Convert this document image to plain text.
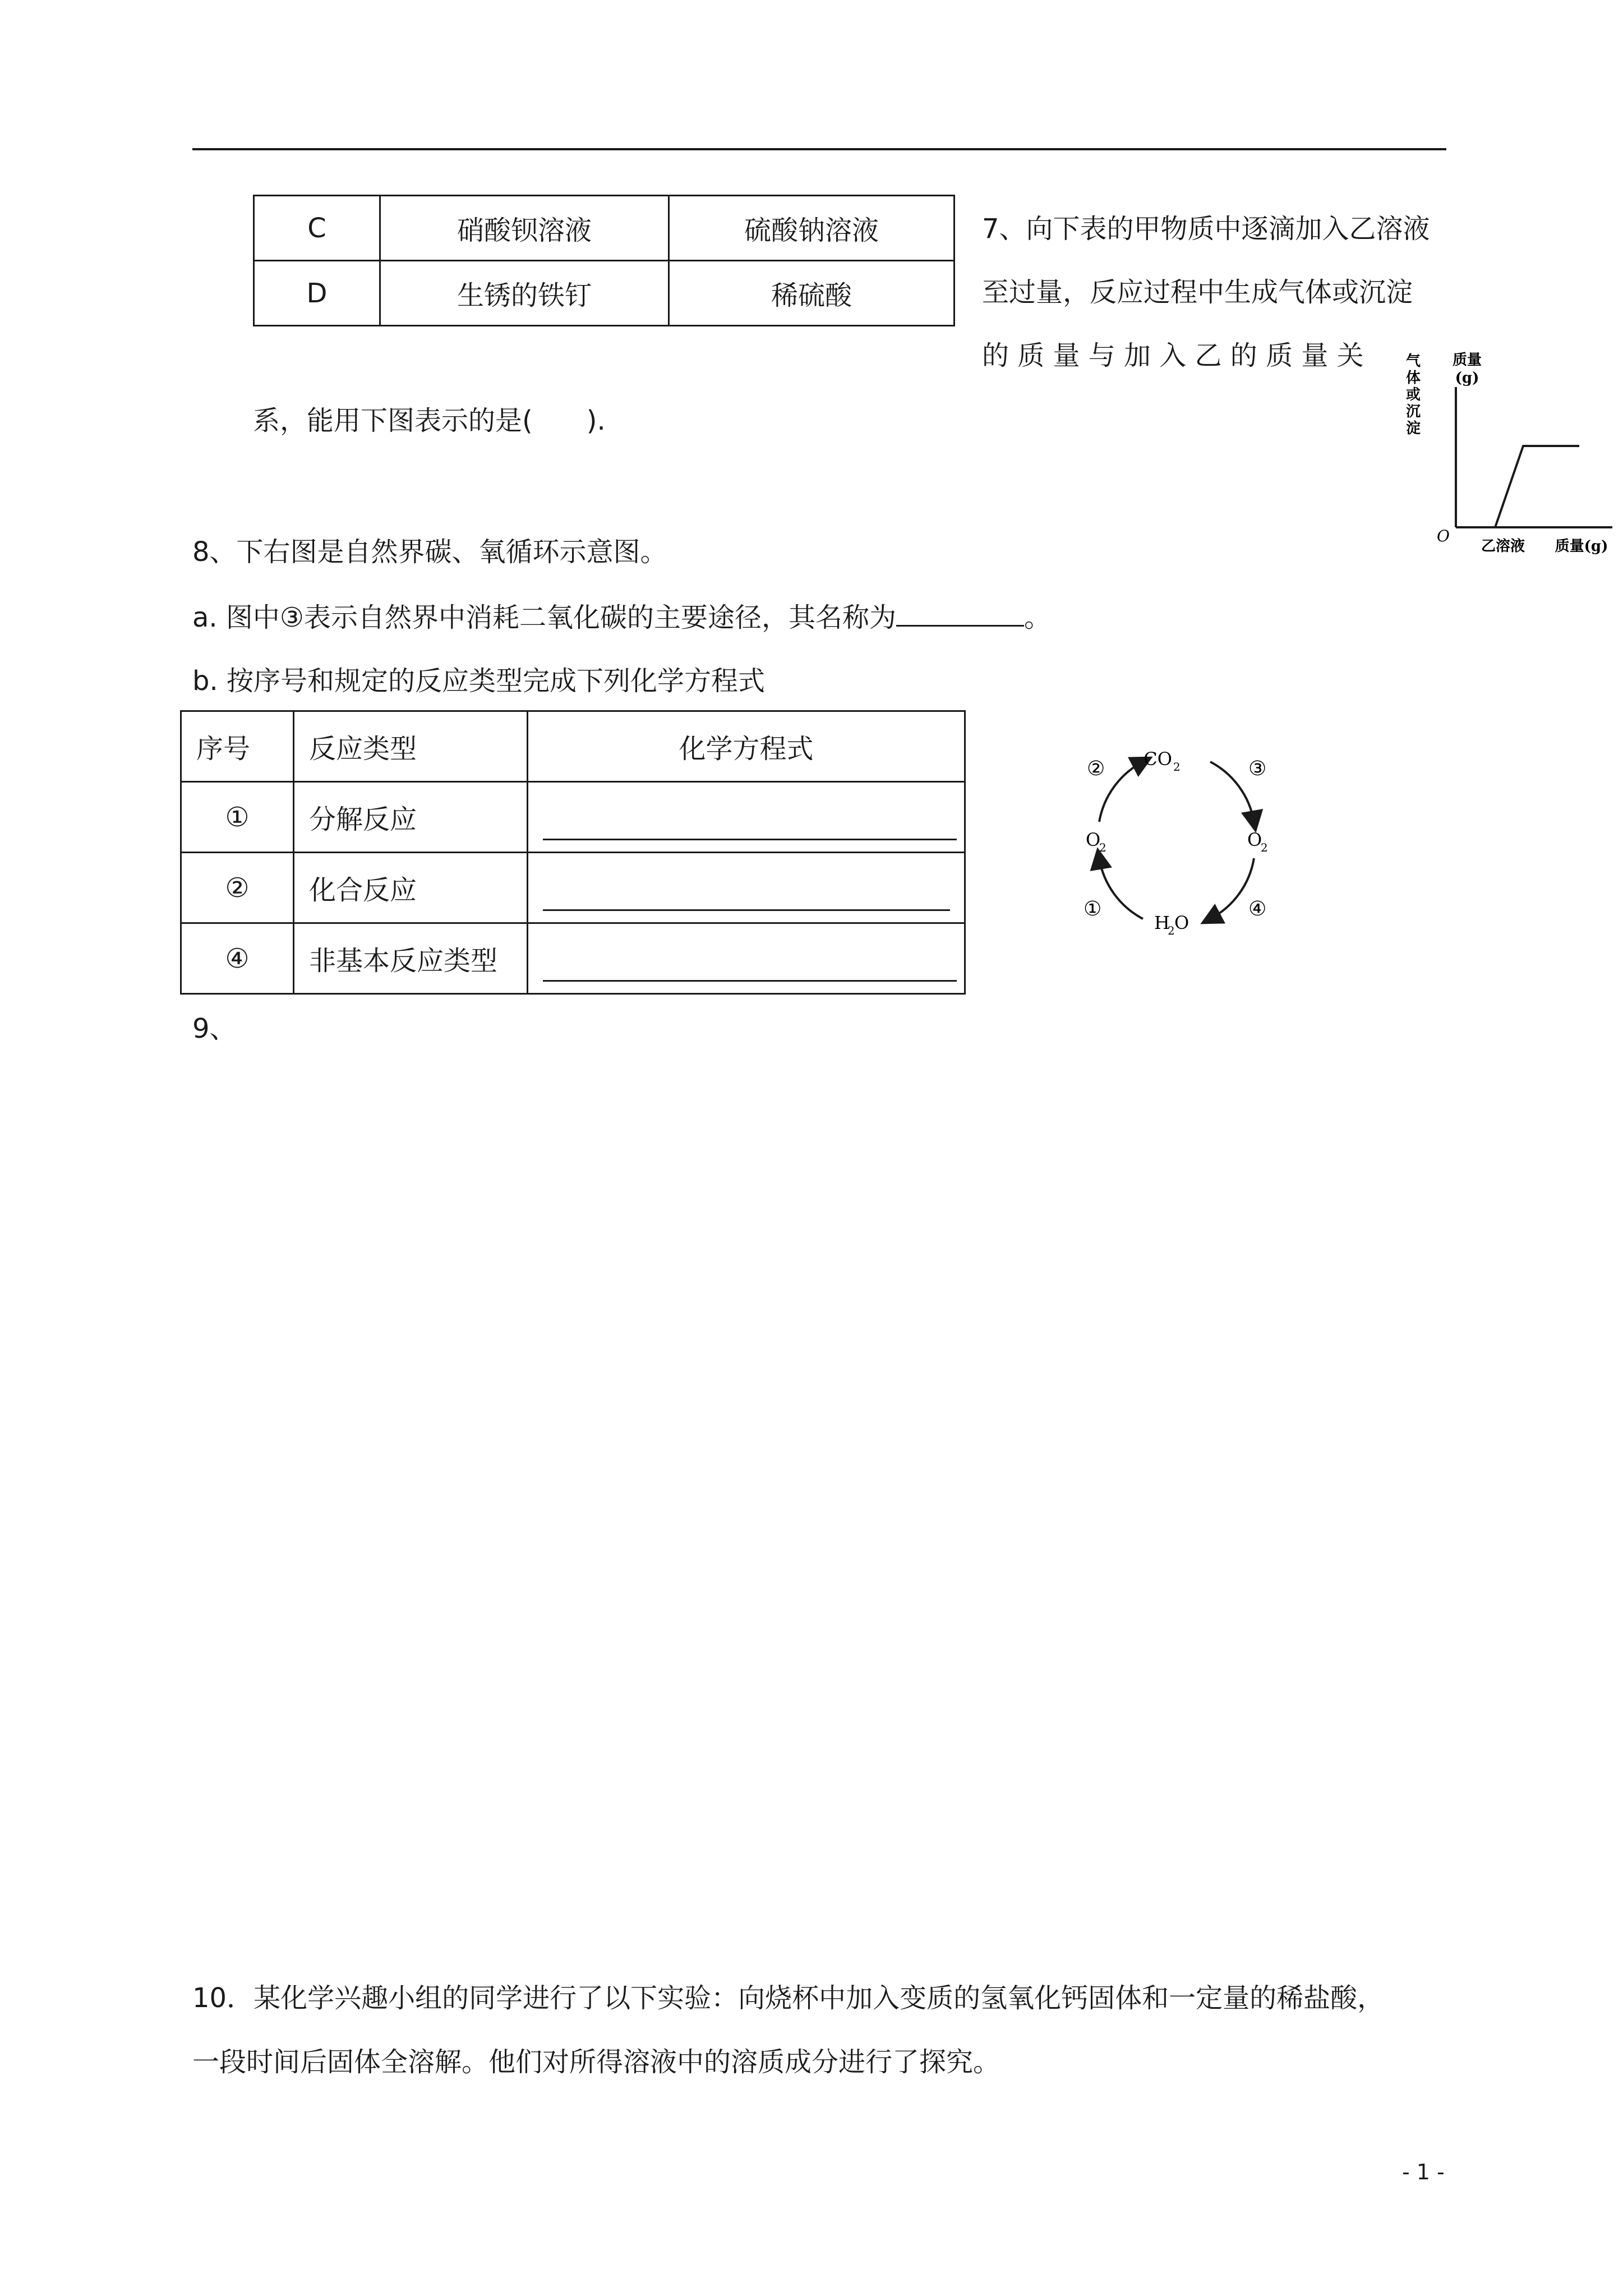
C	硝酸钡溶液	硫酸钠溶液
D	生锈的铁钉	稀硫酸
7、向下表的甲物质中逐滴加入乙溶液
至过量，反应过程中生成气体或沉淀
的 质 量 与 加 入 乙 的 质 量 关
系，能用下图表示的是(　　).
气
体
或
沉
淀
质量
(g)
O
乙溶液 质量(g)
8、下右图是自然界碳、氧循环示意图。
a. 图中③表示自然界中消耗二氧化碳的主要途径，其名称为	。
b. 按序号和规定的反应类型完成下列化学方程式
序号	反应类型	化学方程式
①	分解反应	

②	化合反应	

④	非基本反应类型	
CO 2
O
2	O
2
H
2 O
②	③
①	④
9、
10．某化学兴趣小组的同学进行了以下实验：向烧杯中加入变质的氢氧化钙固体和一定量的稀盐酸，
一段时间后固体全溶解。他们对所得溶液中的溶质成分进行了探究。
- 1 -
